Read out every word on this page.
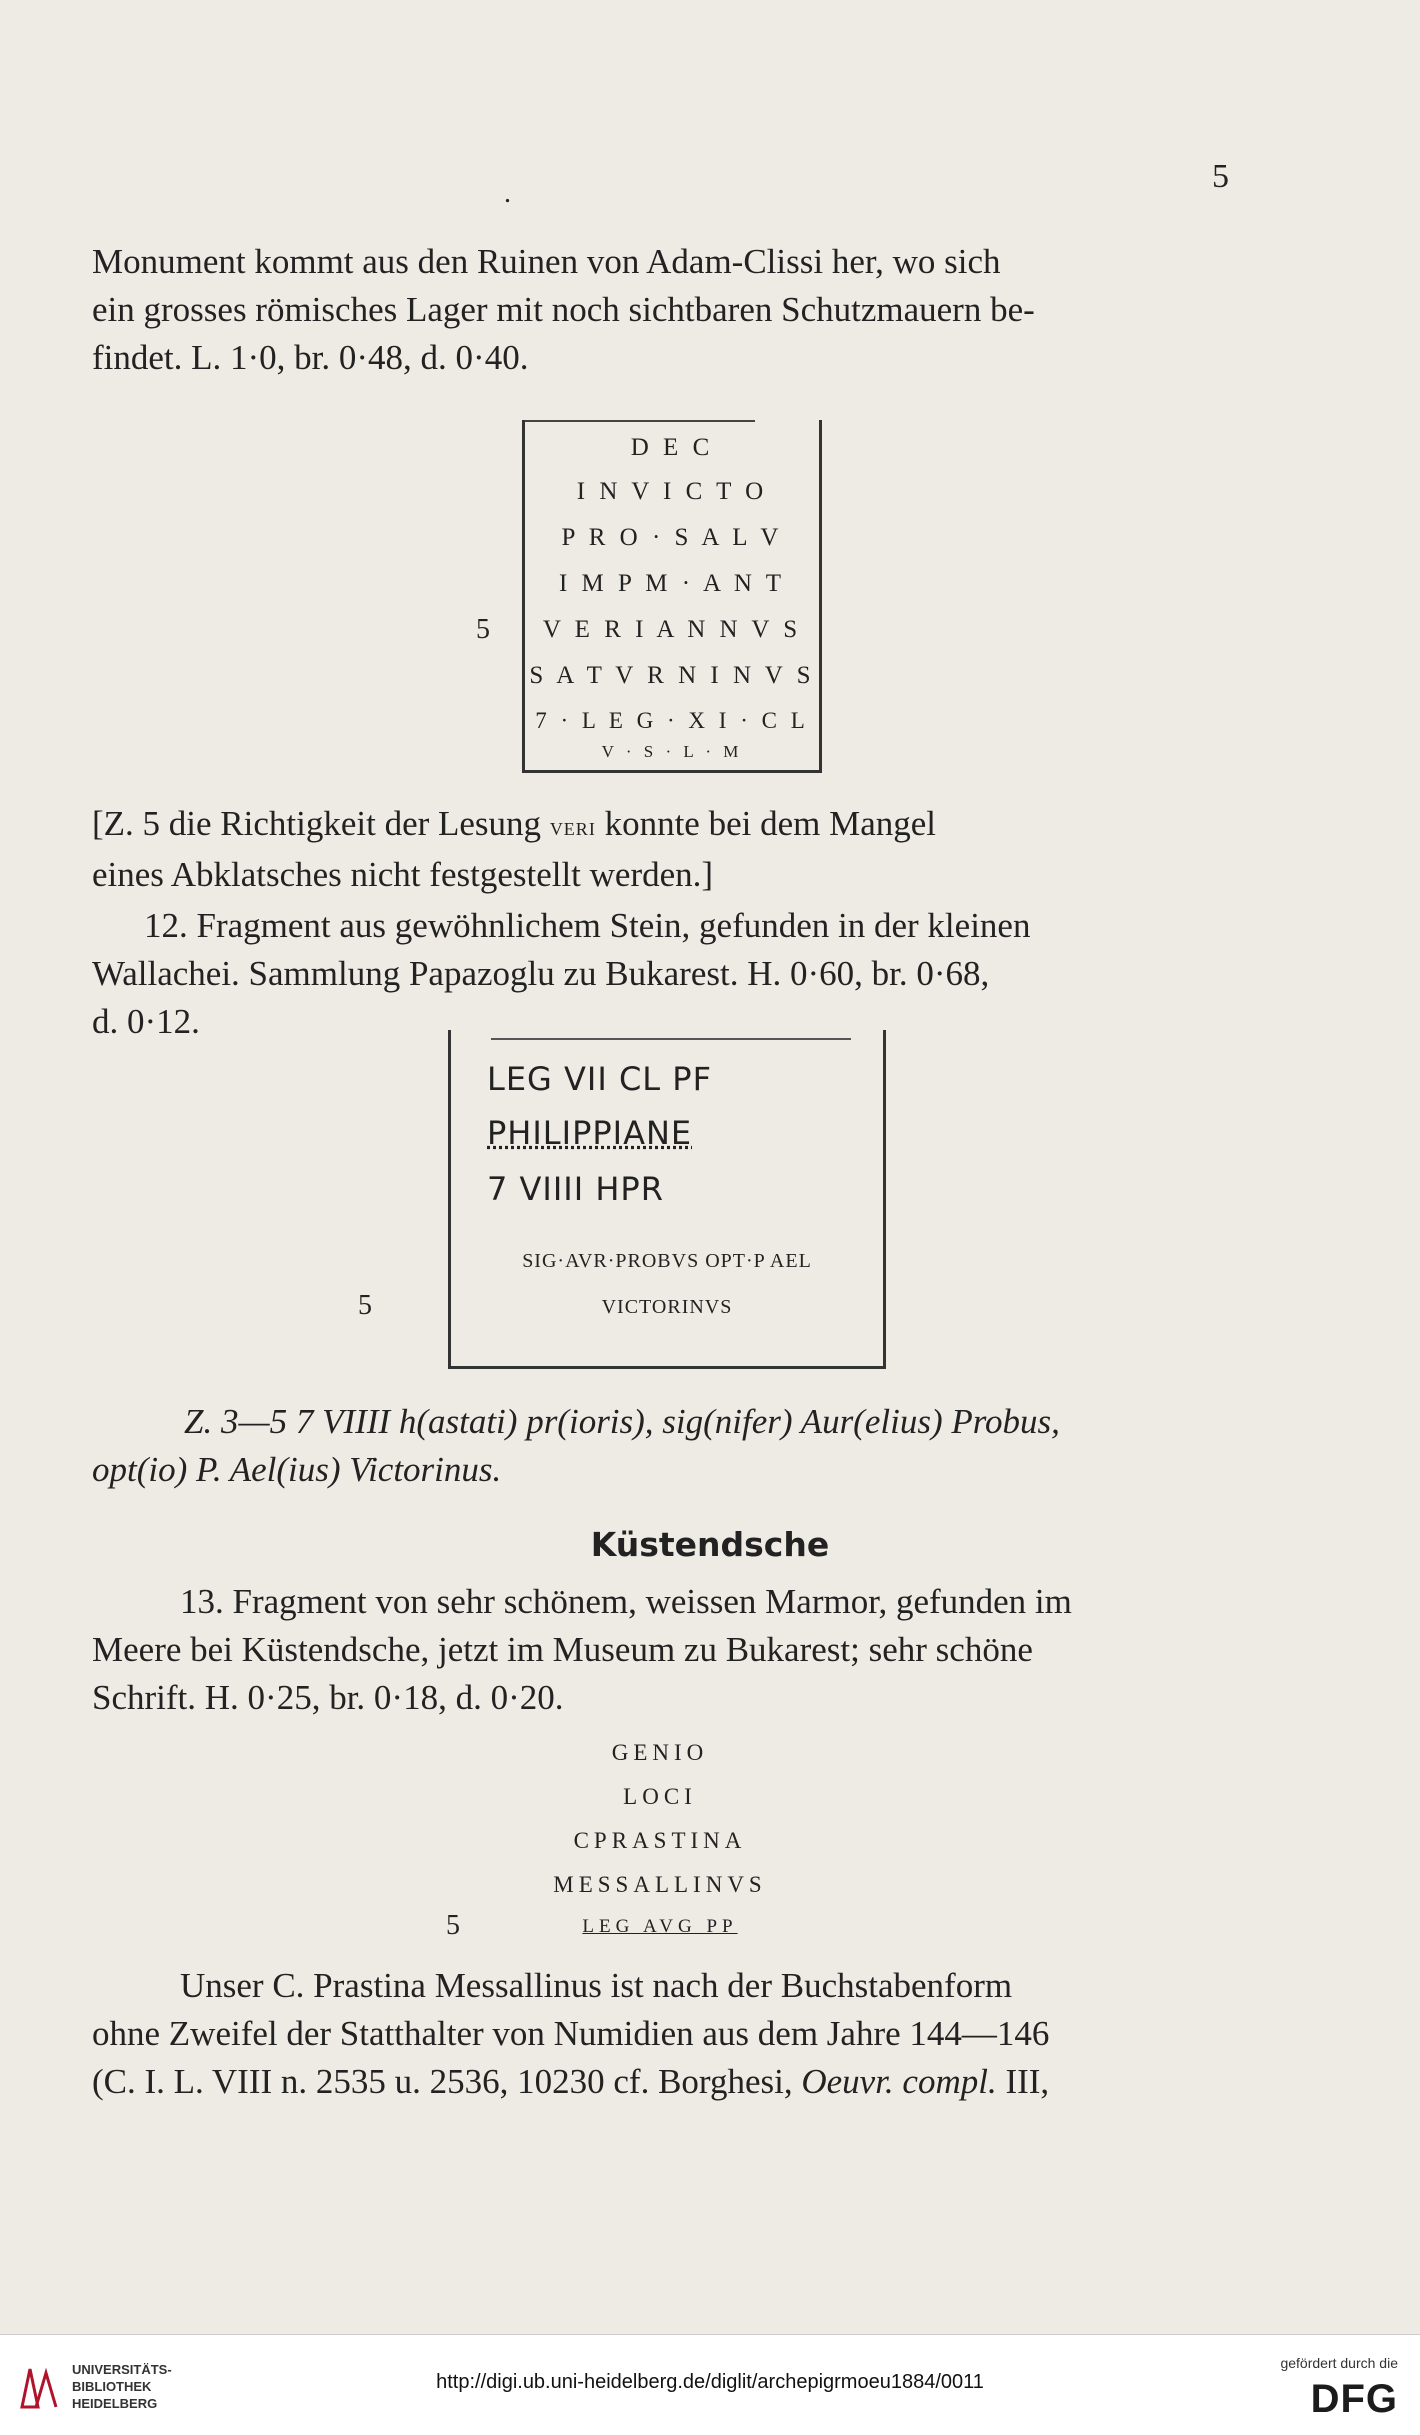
5
.
Monument kommt aus den Ruinen von Adam-Clissi her, wo sich
ein grosses römisches Lager mit noch sichtbaren Schutzmauern be-
findet. L. 1·0, br. 0·48, d. 0·40.
D E C
I N V I C T O
P R O · S A L V
I M P M · A N T
V E R I A N N V S
S A T V R N I N V S
7 · L E G · X I · C L
V · S · L · M
5
[Z. 5 die Richtigkeit der Lesung veri konnte bei dem Mangel
eines Abklatsches nicht festgestellt werden.]
12. Fragment aus gewöhnlichem Stein, gefunden in der kleinen
Wallachei. Sammlung Papazoglu zu Bukarest. H. 0·60, br. 0·68,
d. 0·12.
LEG VII CL PF
PHILIPPIANE
7 VIIII HPR
SIG·AVR·PROBVS OPT·P AEL
VICTORINVS
5
Z. 3—5 7 VIIII h(astati) pr(ioris), sig(nifer) Aur(elius) Probus,
opt(io) P. Ael(ius) Victorinus.
Küstendsche
13. Fragment von sehr schönem, weissen Marmor, gefunden im
Meere bei Küstendsche, jetzt im Museum zu Bukarest; sehr schöne
Schrift. H. 0·25, br. 0·18, d. 0·20.
GENIO
LOCI
CPRASTINA
MESSALLINVS
LEG AVG PP
5
Unser C. Prastina Messallinus ist nach der Buchstabenform
ohne Zweifel der Statthalter von Numidien aus dem Jahre 144—146
(C. I. L. VIII n. 2535 u. 2536, 10230 cf. Borghesi, Oeuvr. compl. III,
UNIVERSITÄTS-
BIBLIOTHEK
HEIDELBERG
http://digi.ub.uni-heidelberg.de/diglit/archepigrmoeu1884/0011
gefördert durch die
DFG
